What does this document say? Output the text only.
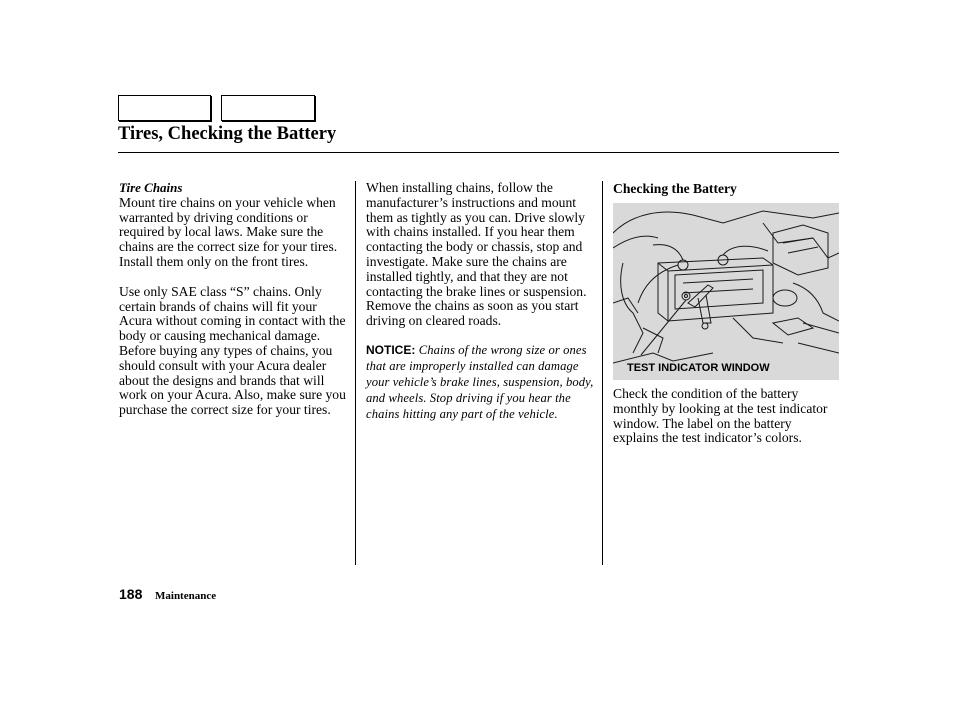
Tires, Checking the Battery
Tire Chains

Mount tire chains on your vehicle when warranted by driving conditions or required by local laws. Make sure the chains are the correct size for your tires. Install them only on the front tires.

Use only SAE class “S” chains. Only certain brands of chains will fit your Acura without coming in contact with the body or causing mechanical damage. Before buying any types of chains, you should consult with your Acura dealer about the designs and brands that will work on your Acura. Also, make sure you purchase the correct size for your tires.

When installing chains, follow the manufacturer’s instructions and mount them as tightly as you can. Drive slowly with chains installed. If you hear them contacting the body or chassis, stop and investigate. Make sure the chains are installed tightly, and that they are not contacting the brake lines or suspension. Remove the chains as soon as you start driving on cleared roads.

NOTICE: Chains of the wrong size or ones that are improperly installed can damage your vehicle’s brake lines, suspension, body, and wheels. Stop driving if you hear the chains hitting any part of the vehicle.

Checking the Battery

Check the condition of the battery monthly by looking at the test indicator window. The label on the battery explains the test indicator’s colors.

TEST INDICATOR WINDOW
188 Maintenance
